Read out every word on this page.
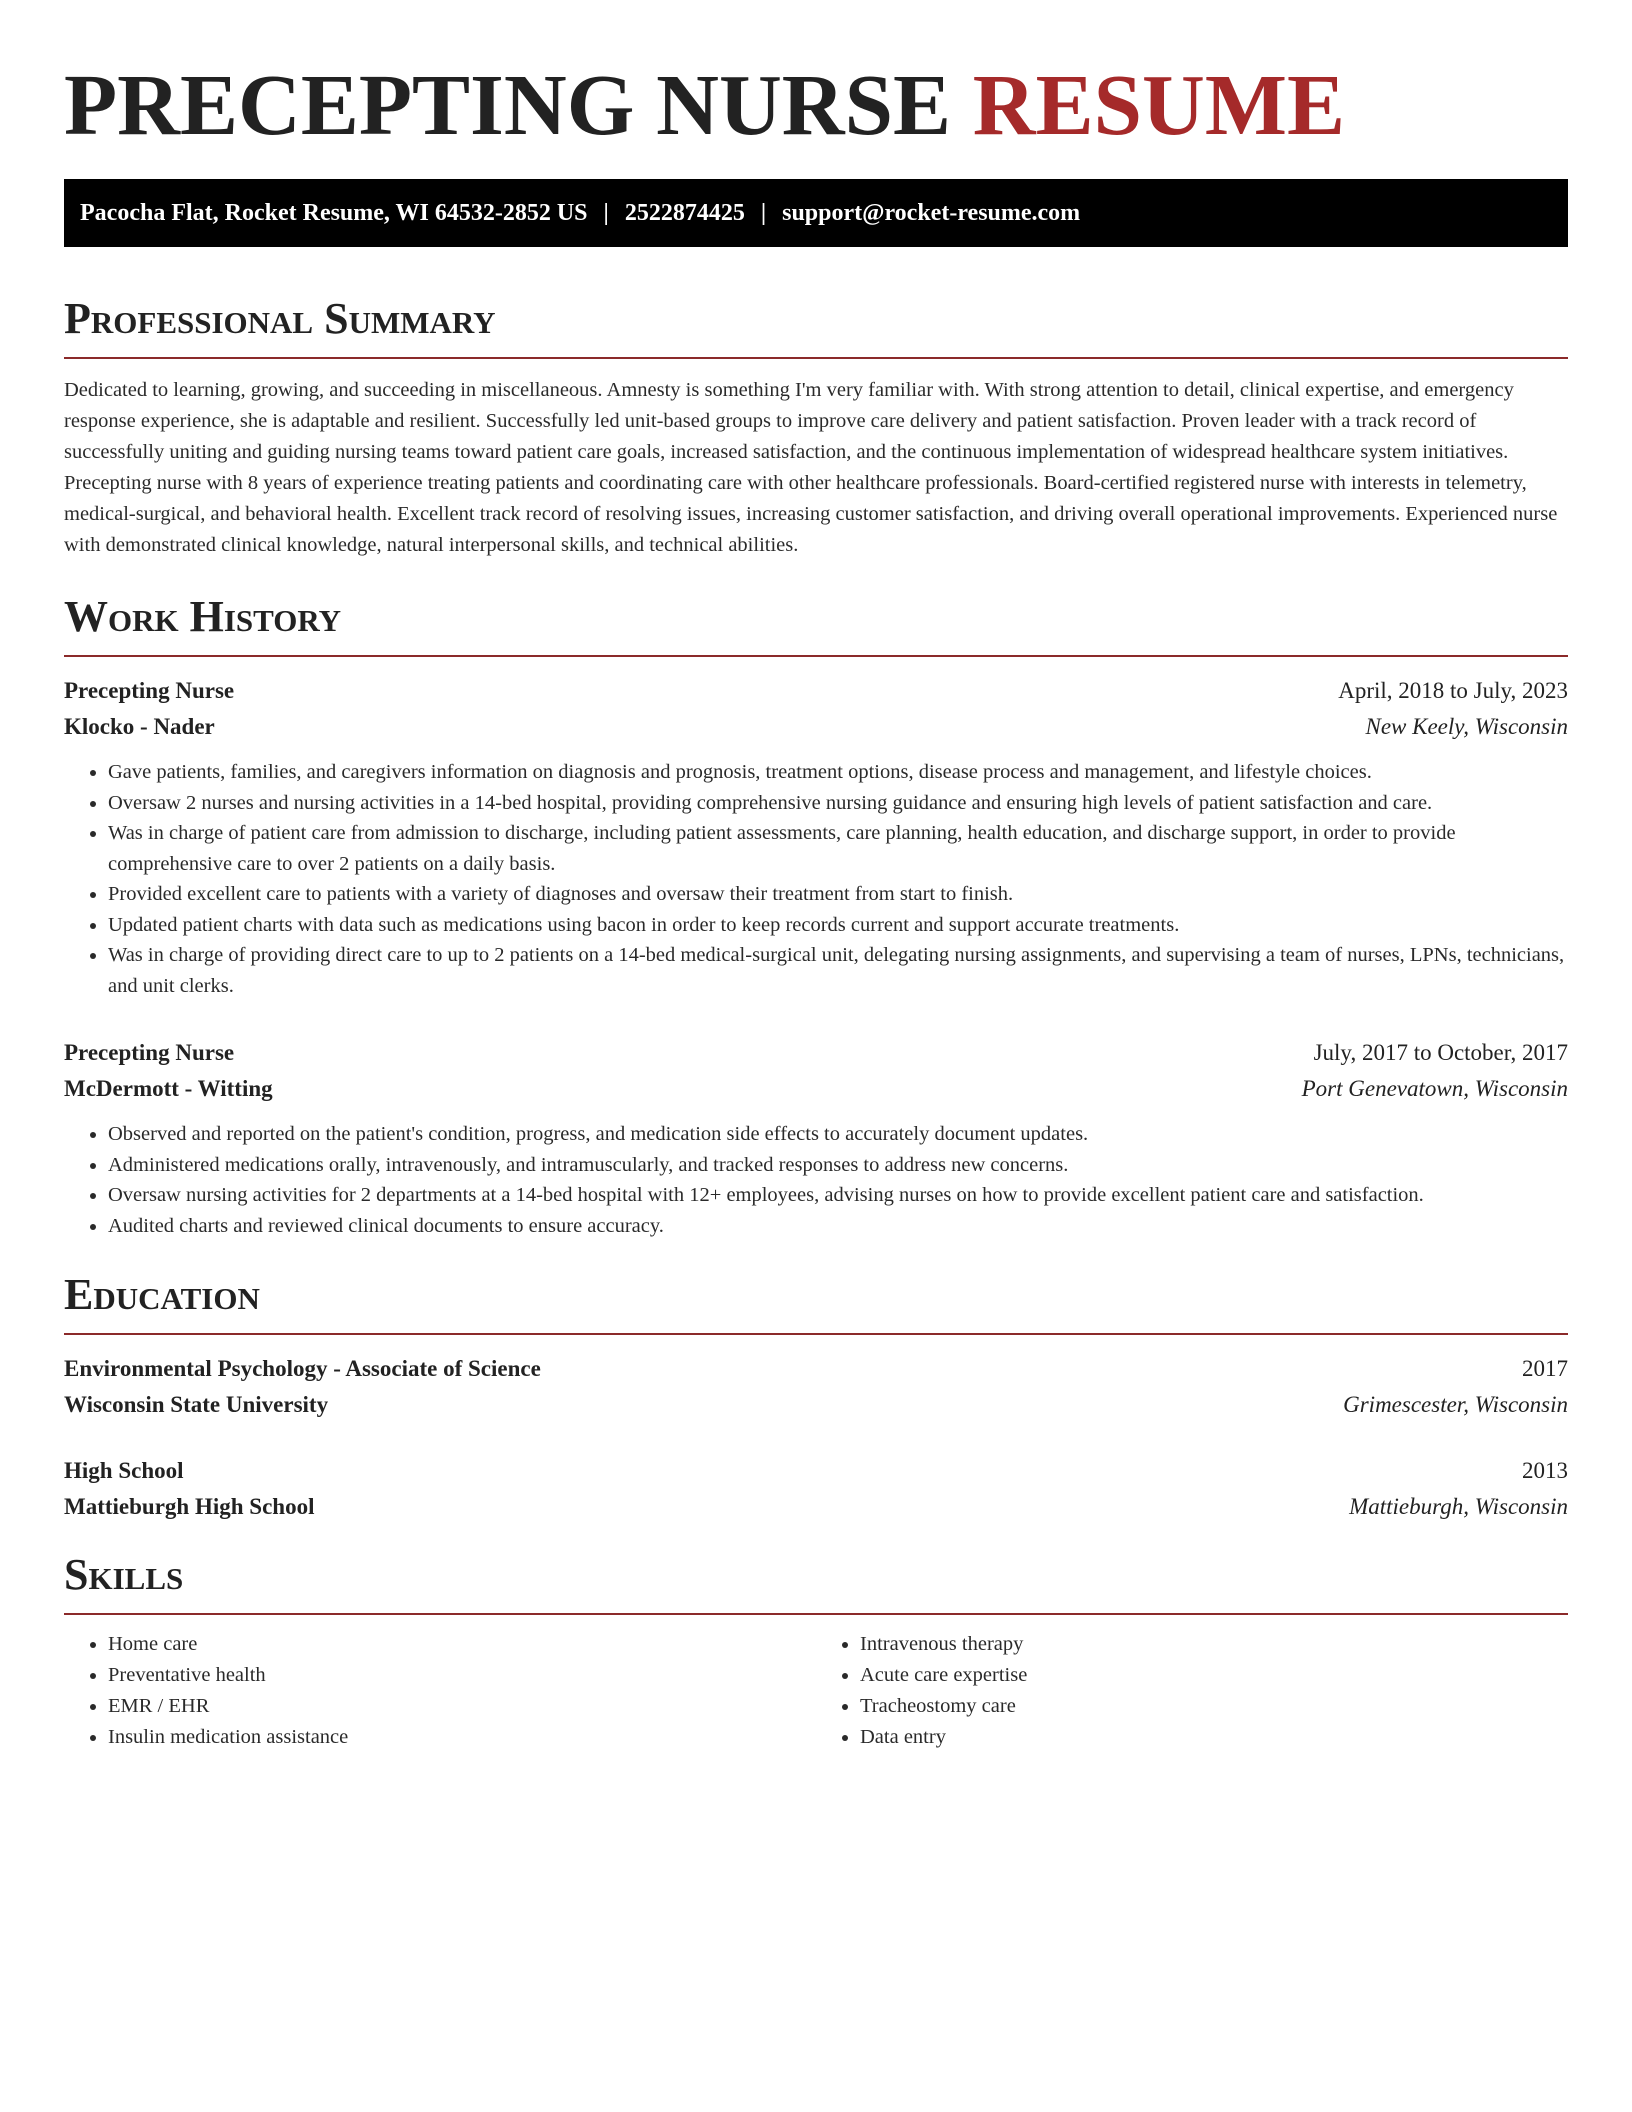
PRECEPTING NURSE RESUME
Pacocha Flat, Rocket Resume, WI 64532-2852 US | 2522874425 | support@rocket-resume.com
Professional Summary

Dedicated to learning, growing, and succeeding in miscellaneous. Amnesty is something I'm very familiar with. With strong attention to detail, clinical expertise, and emergency response experience, she is adaptable and resilient. Successfully led unit-based groups to improve care delivery and patient satisfaction. Proven leader with a track record of successfully uniting and guiding nursing teams toward patient care goals, increased satisfaction, and the continuous implementation of widespread healthcare system initiatives. Precepting nurse with 8 years of experience treating patients and coordinating care with other healthcare professionals. Board-certified registered nurse with interests in telemetry, medical-surgical, and behavioral health. Excellent track record of resolving issues, increasing customer satisfaction, and driving overall operational improvements. Experienced nurse with demonstrated clinical knowledge, natural interpersonal skills, and technical abilities.

Work History
Precepting Nurse	April, 2018 to July, 2023
Klocko - Nader	New Keely, Wisconsin
• Gave patients, families, and caregivers information on diagnosis and prognosis, treatment options, disease process and management, and lifestyle choices.
• Oversaw 2 nurses and nursing activities in a 14-bed hospital, providing comprehensive nursing guidance and ensuring high levels of patient satisfaction and care.
• Was in charge of patient care from admission to discharge, including patient assessments, care planning, health education, and discharge support, in order to provide comprehensive care to over 2 patients on a daily basis.
• Provided excellent care to patients with a variety of diagnoses and oversaw their treatment from start to finish.
• Updated patient charts with data such as medications using bacon in order to keep records current and support accurate treatments.
• Was in charge of providing direct care to up to 2 patients on a 14-bed medical-surgical unit, delegating nursing assignments, and supervising a team of nurses, LPNs, technicians, and unit clerks.
Precepting Nurse	July, 2017 to October, 2017
McDermott - Witting	Port Genevatown, Wisconsin
• Observed and reported on the patient's condition, progress, and medication side effects to accurately document updates.
• Administered medications orally, intravenously, and intramuscularly, and tracked responses to address new concerns.
• Oversaw nursing activities for 2 departments at a 14-bed hospital with 12+ employees, advising nurses on how to provide excellent patient care and satisfaction.
• Audited charts and reviewed clinical documents to ensure accuracy.
Education
Environmental Psychology - Associate of Science	2017
Wisconsin State University	Grimescester, Wisconsin
High School	2013
Mattieburgh High School	Mattieburgh, Wisconsin
Skills
• Home care
• Preventative health
• EMR / EHR
• Insulin medication assistance
• Intravenous therapy
• Acute care expertise
• Tracheostomy care
• Data entry
